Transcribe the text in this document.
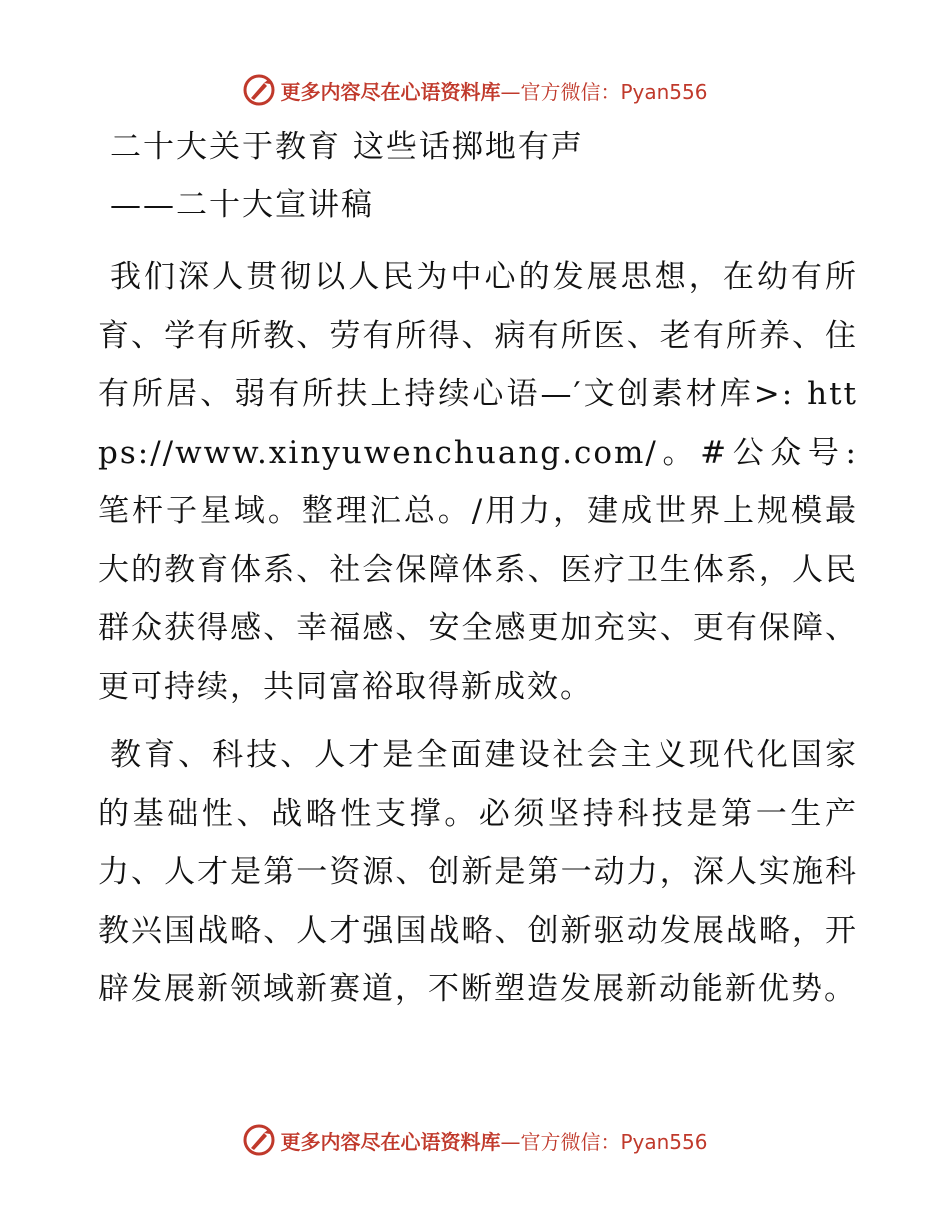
更多内容尽在心语资料库—官方微信：Pyan556
二十大关于教育 这些话掷地有声
——二十大宣讲稿

我们深人贯彻以人民为中心的发展思想，在幼有所育、学有所教、劳有所得、病有所医、老有所养、住有所居、弱有所扶上持续心语—′文创素材库>: https://www.xinyuwenchuang.com/。#公众号: 笔杆子星域。整理汇总。/用力，建成世界上规模最大的教育体系、社会保障体系、医疗卫生体系，人民群众获得感、幸福感、安全感更加充实、更有保障、更可持续，共同富裕取得新成效。

教育、科技、人才是全面建设社会主义现代化国家的基础性、战略性支撑。必须坚持科技是第一生产力、人才是第一资源、创新是第一动力，深人实施科教兴国战略、人才强国战略、创新驱动发展战略，开辟发展新领域新赛道，不断塑造发展新动能新优势。

更多内容尽在心语资料库—官方微信：Pyan556
